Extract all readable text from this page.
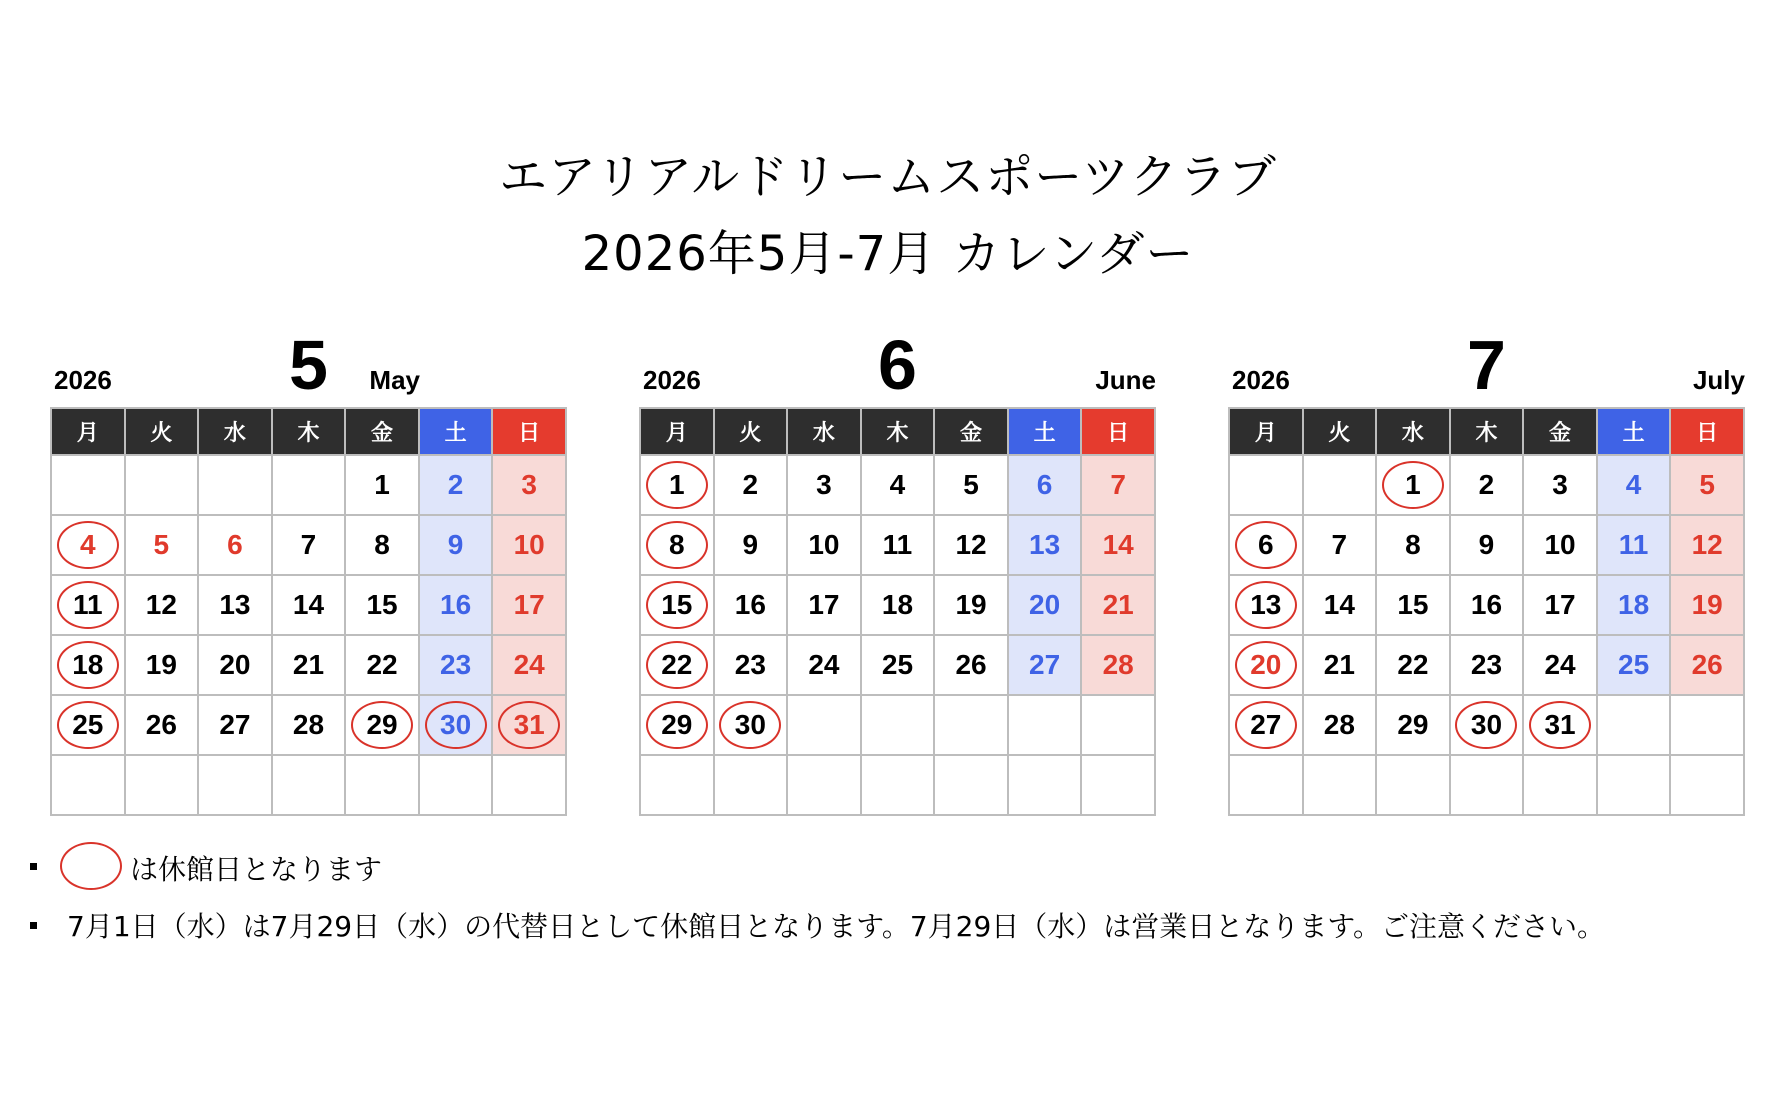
エアリアルドリームスポーツクラブ
2026年5月-7月 カレンダー
2026	5	May
月	火	水	木	金	土	日
				1	2	3
4	5	6	7	8	9	10
11	12	13	14	15	16	17
18	19	20	21	22	23	24
25	26	27	28	29	30	31

2026	6	June
月	火	水	木	金	土	日
1	2	3	4	5	6	7
8	9	10	11	12	13	14
15	16	17	18	19	20	21
22	23	24	25	26	27	28
29	30

2026	7	July
月	火	水	木	金	土	日
		1	2	3	4	5
6	7	8	9	10	11	12
13	14	15	16	17	18	19
20	21	22	23	24	25	26
27	28	29	30	31

は休館日となります
7月1日（水）は7月29日（水）の代替日として休館日となります。7月29日（水）は営業日となります。ご注意ください。
